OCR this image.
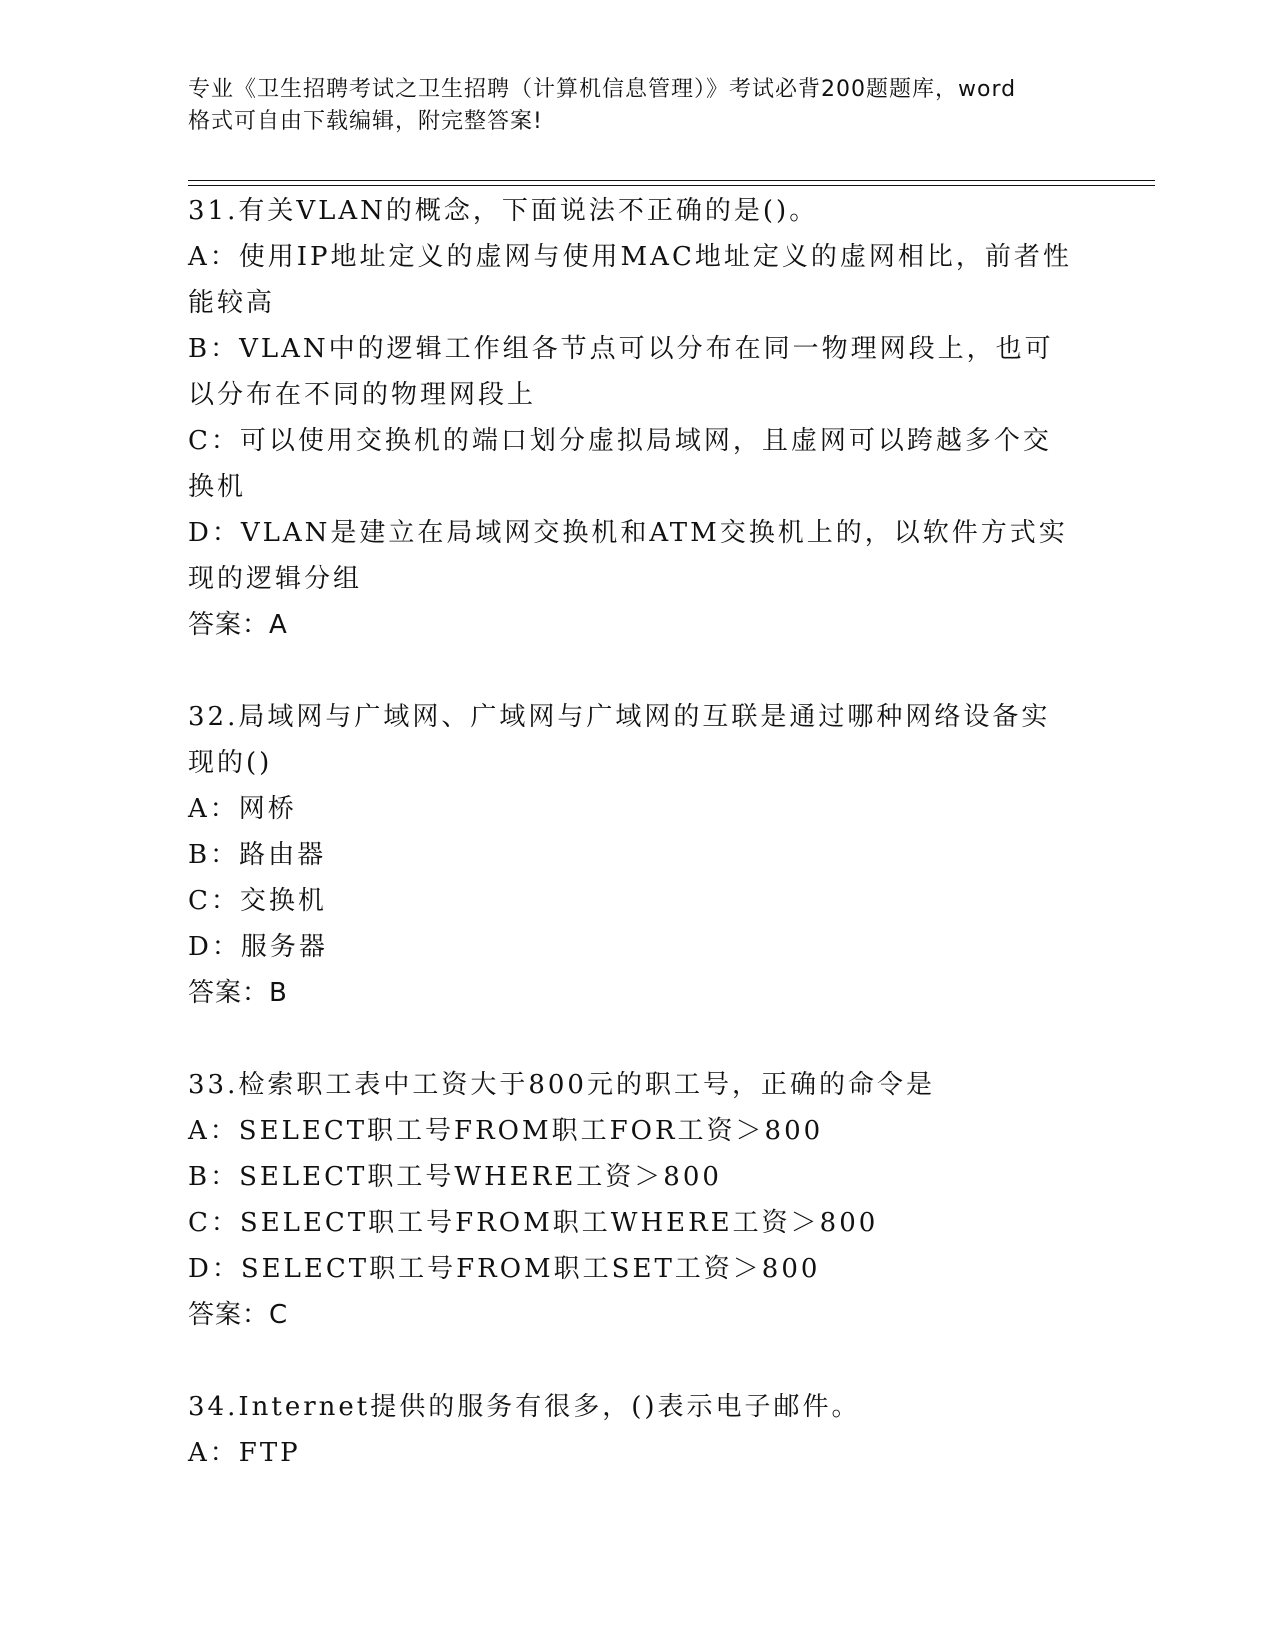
专业《卫生招聘考试之卫生招聘（计算机信息管理）》考试必背200题题库，word
格式可自由下载编辑，附完整答案!

31.有关VLAN的概念，下面说法不正确的是()。

A：使用IP地址定义的虚网与使用MAC地址定义的虚网相比，前者性能较高

B：VLAN中的逻辑工作组各节点可以分布在同一物理网段上，也可以分布在不同的物理网段上

C：可以使用交换机的端口划分虚拟局域网，且虚网可以跨越多个交换机

D：VLAN是建立在局域网交换机和ATM交换机上的，以软件方式实现的逻辑分组

答案：A

32.局域网与广域网、广域网与广域网的互联是通过哪种网络设备实现的()

A：网桥

B：路由器

C：交换机

D：服务器

答案：B

33.检索职工表中工资大于800元的职工号，正确的命令是

A：SELECT职工号FROM职工FOR工资＞800

B：SELECT职工号WHERE工资＞800

C：SELECT职工号FROM职工WHERE工资＞800

D：SELECT职工号FROM职工SET工资＞800

答案：C

34.Internet提供的服务有很多，()表示电子邮件。

A：FTP
